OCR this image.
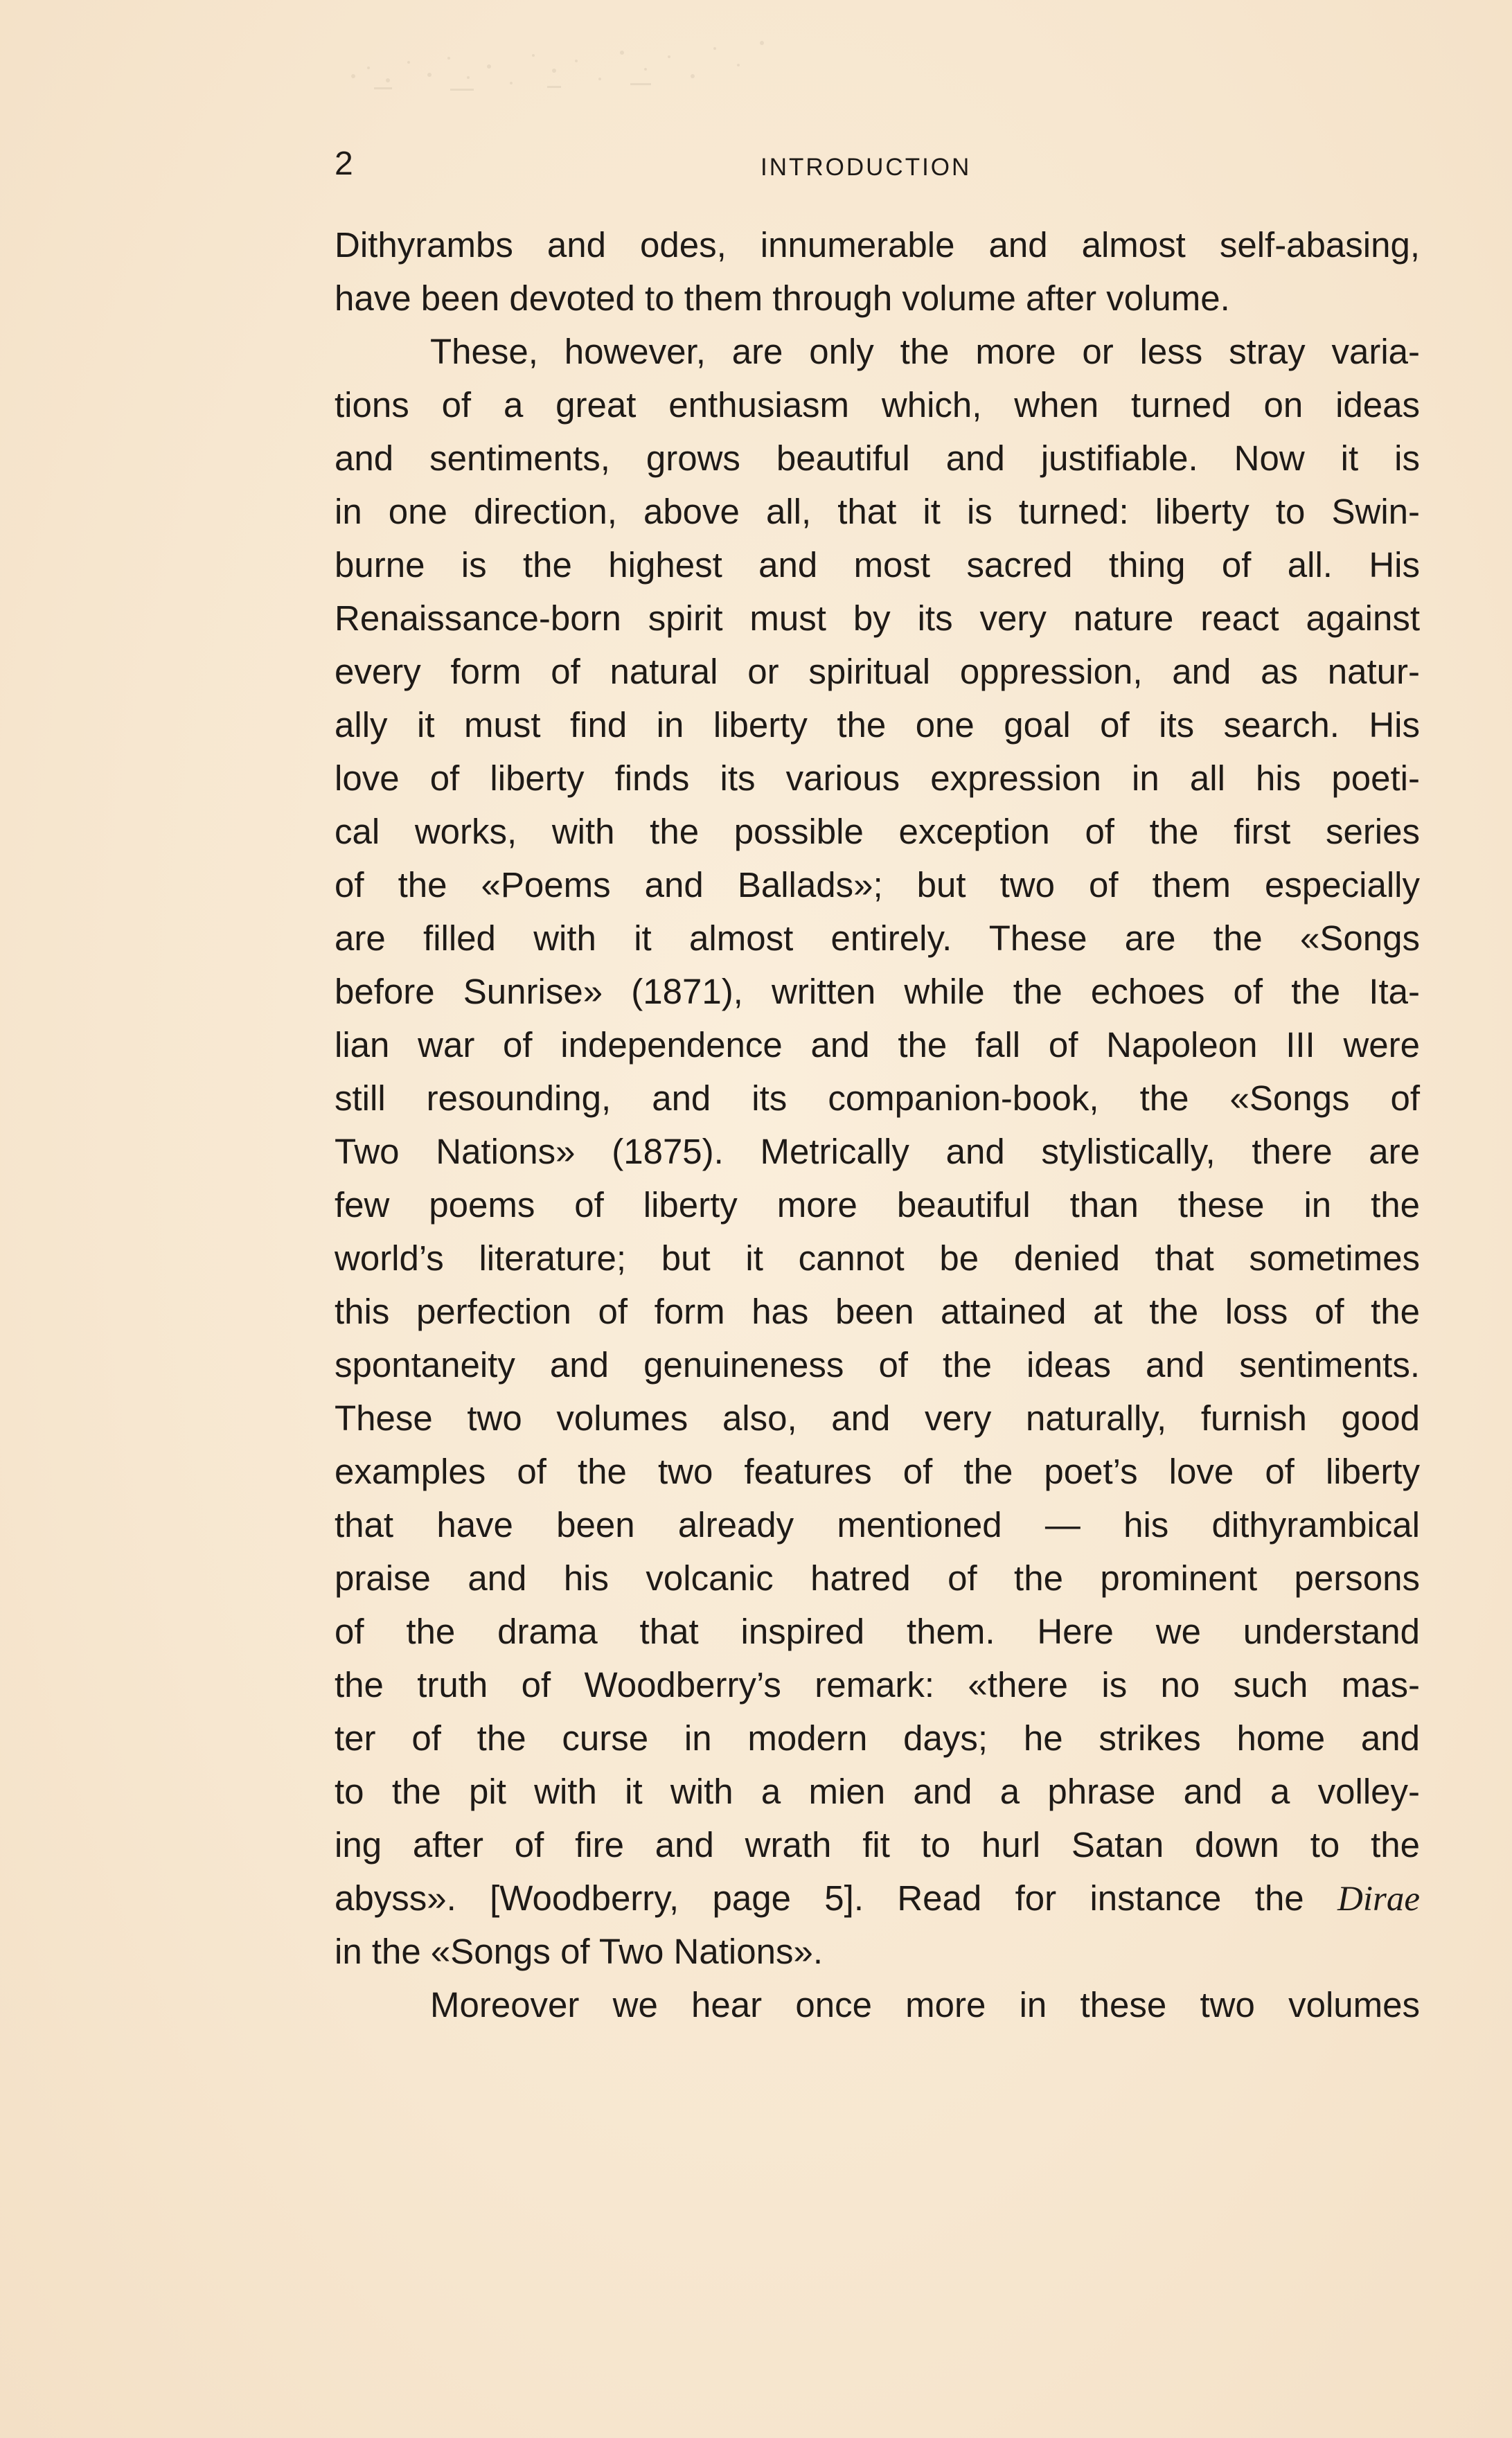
2	INTRODUCTION
Dithyrambs and odes, innumerable and almost self-abasing,
have been devoted to them through volume after volume.
These, however, are only the more or less stray varia-
tions of a great enthusiasm which, when turned on ideas
and sentiments, grows beautiful and justifiable. Now it is
in one direction, above all, that it is turned: liberty to Swin-
burne is the highest and most sacred thing of all. His
Renaissance-born spirit must by its very nature react against
every form of natural or spiritual oppression, and as natur-
ally it must find in liberty the one goal of its search. His
love of liberty finds its various expression in all his poeti-
cal works, with the possible exception of the first series
of the «Poems and Ballads»; but two of them especially
are filled with it almost entirely. These are the «Songs
before Sunrise» (1871), written while the echoes of the Ita-
lian war of independence and the fall of Napoleon III were
still resounding, and its companion-book, the «Songs of
Two Nations» (1875). Metrically and stylistically, there are
few poems of liberty more beautiful than these in the
world’s literature; but it cannot be denied that sometimes
this perfection of form has been attained at the loss of the
spontaneity and genuineness of the ideas and sentiments.
These two volumes also, and very naturally, furnish good
examples of the two features of the poet’s love of liberty
that have been already mentioned — his dithyrambical
praise and his volcanic hatred of the prominent persons
of the drama that inspired them. Here we understand
the truth of Woodberry’s remark: «there is no such mas-
ter of the curse in modern days; he strikes home and
to the pit with it with a mien and a phrase and a volley-
ing after of fire and wrath fit to hurl Satan down to the
abyss». [Woodberry, page 5]. Read for instance the Dirae
in the «Songs of Two Nations».
Moreover we hear once more in these two volumes
